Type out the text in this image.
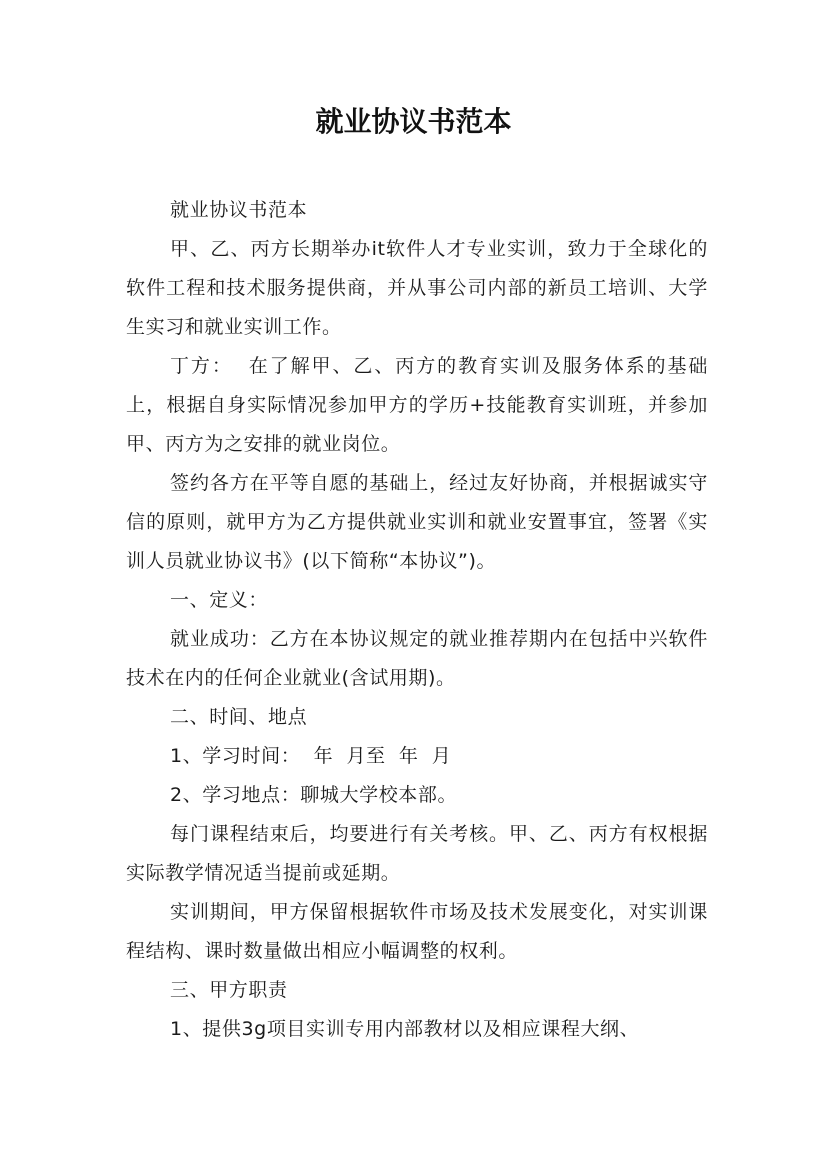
就业协议书范本

就业协议书范本

甲、乙、丙方长期举办it软件人才专业实训，致力于全球化的软件工程和技术服务提供商，并从事公司内部的新员工培训、大学生实习和就业实训工作。

丁方：  在了解甲、乙、丙方的教育实训及服务体系的基础上，根据自身实际情况参加甲方的学历+技能教育实训班，并参加甲、丙方为之安排的就业岗位。

签约各方在平等自愿的基础上，经过友好协商，并根据诚实守信的原则，就甲方为乙方提供就业实训和就业安置事宜，签署《实训人员就业协议书》(以下简称“本协议”)。

一、定义：

就业成功：乙方在本协议规定的就业推荐期内在包括中兴软件技术在内的任何企业就业(含试用期)。

二、时间、地点

1、学习时间：  年  月至  年  月

2、学习地点：聊城大学校本部。

每门课程结束后，均要进行有关考核。甲、乙、丙方有权根据实际教学情况适当提前或延期。

实训期间，甲方保留根据软件市场及技术发展变化，对实训课程结构、课时数量做出相应小幅调整的权利。

三、甲方职责

1、提供3g项目实训专用内部教材以及相应课程大纲、
